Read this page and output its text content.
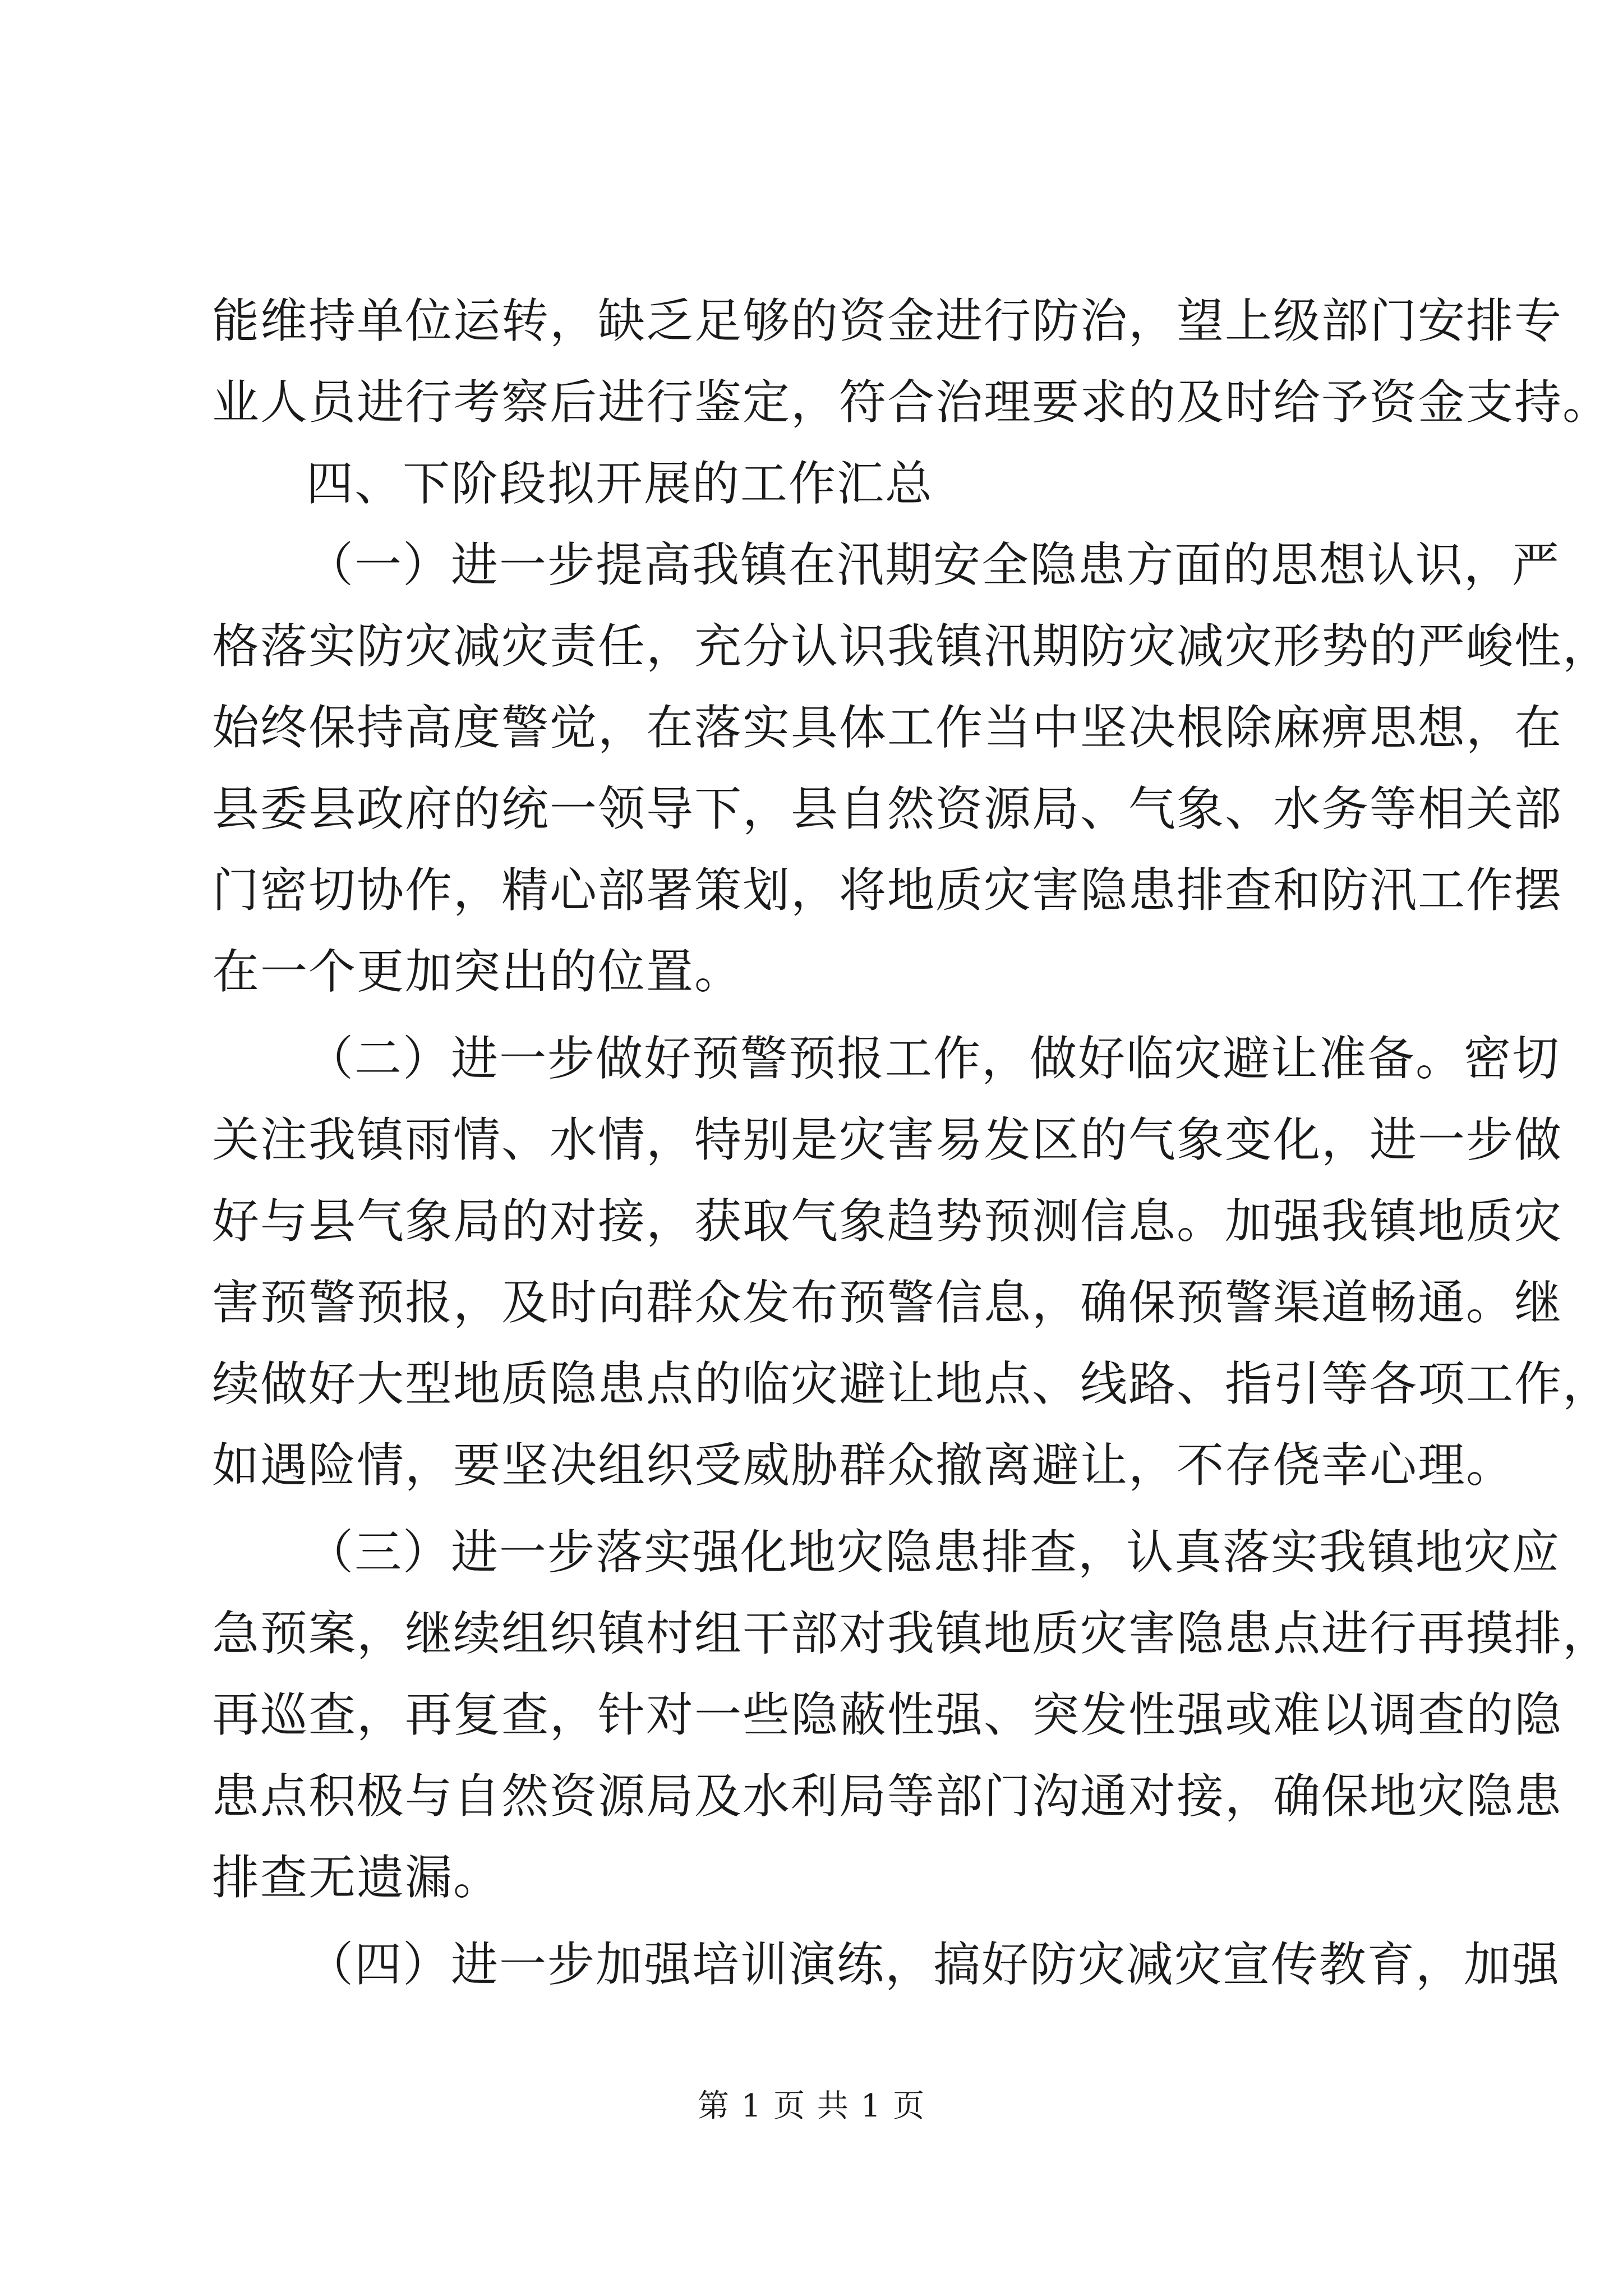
能维持单位运转，缺乏足够的资金进行防治，望上级部门安排专
业人员进行考察后进行鉴定，符合治理要求的及时给予资金支持。
四、下阶段拟开展的工作汇总
（一）进一步提高我镇在汛期安全隐患方面的思想认识，严
格落实防灾减灾责任，充分认识我镇汛期防灾减灾形势的严峻性，
始终保持高度警觉，在落实具体工作当中坚决根除麻痹思想，在
县委县政府的统一领导下，县自然资源局、气象、水务等相关部
门密切协作，精心部署策划，将地质灾害隐患排查和防汛工作摆
在一个更加突出的位置。
（二）进一步做好预警预报工作，做好临灾避让准备。密切
关注我镇雨情、水情，特别是灾害易发区的气象变化，进一步做
好与县气象局的对接，获取气象趋势预测信息。加强我镇地质灾
害预警预报，及时向群众发布预警信息，确保预警渠道畅通。继
续做好大型地质隐患点的临灾避让地点、线路、指引等各项工作，
如遇险情，要坚决组织受威胁群众撤离避让，不存侥幸心理。
（三）进一步落实强化地灾隐患排查，认真落实我镇地灾应
急预案，继续组织镇村组干部对我镇地质灾害隐患点进行再摸排，
再巡查，再复查，针对一些隐蔽性强、突发性强或难以调查的隐
患点积极与自然资源局及水利局等部门沟通对接，确保地灾隐患
排查无遗漏。
（四）进一步加强培训演练，搞好防灾减灾宣传教育，加强
第 1 页 共 1 页
